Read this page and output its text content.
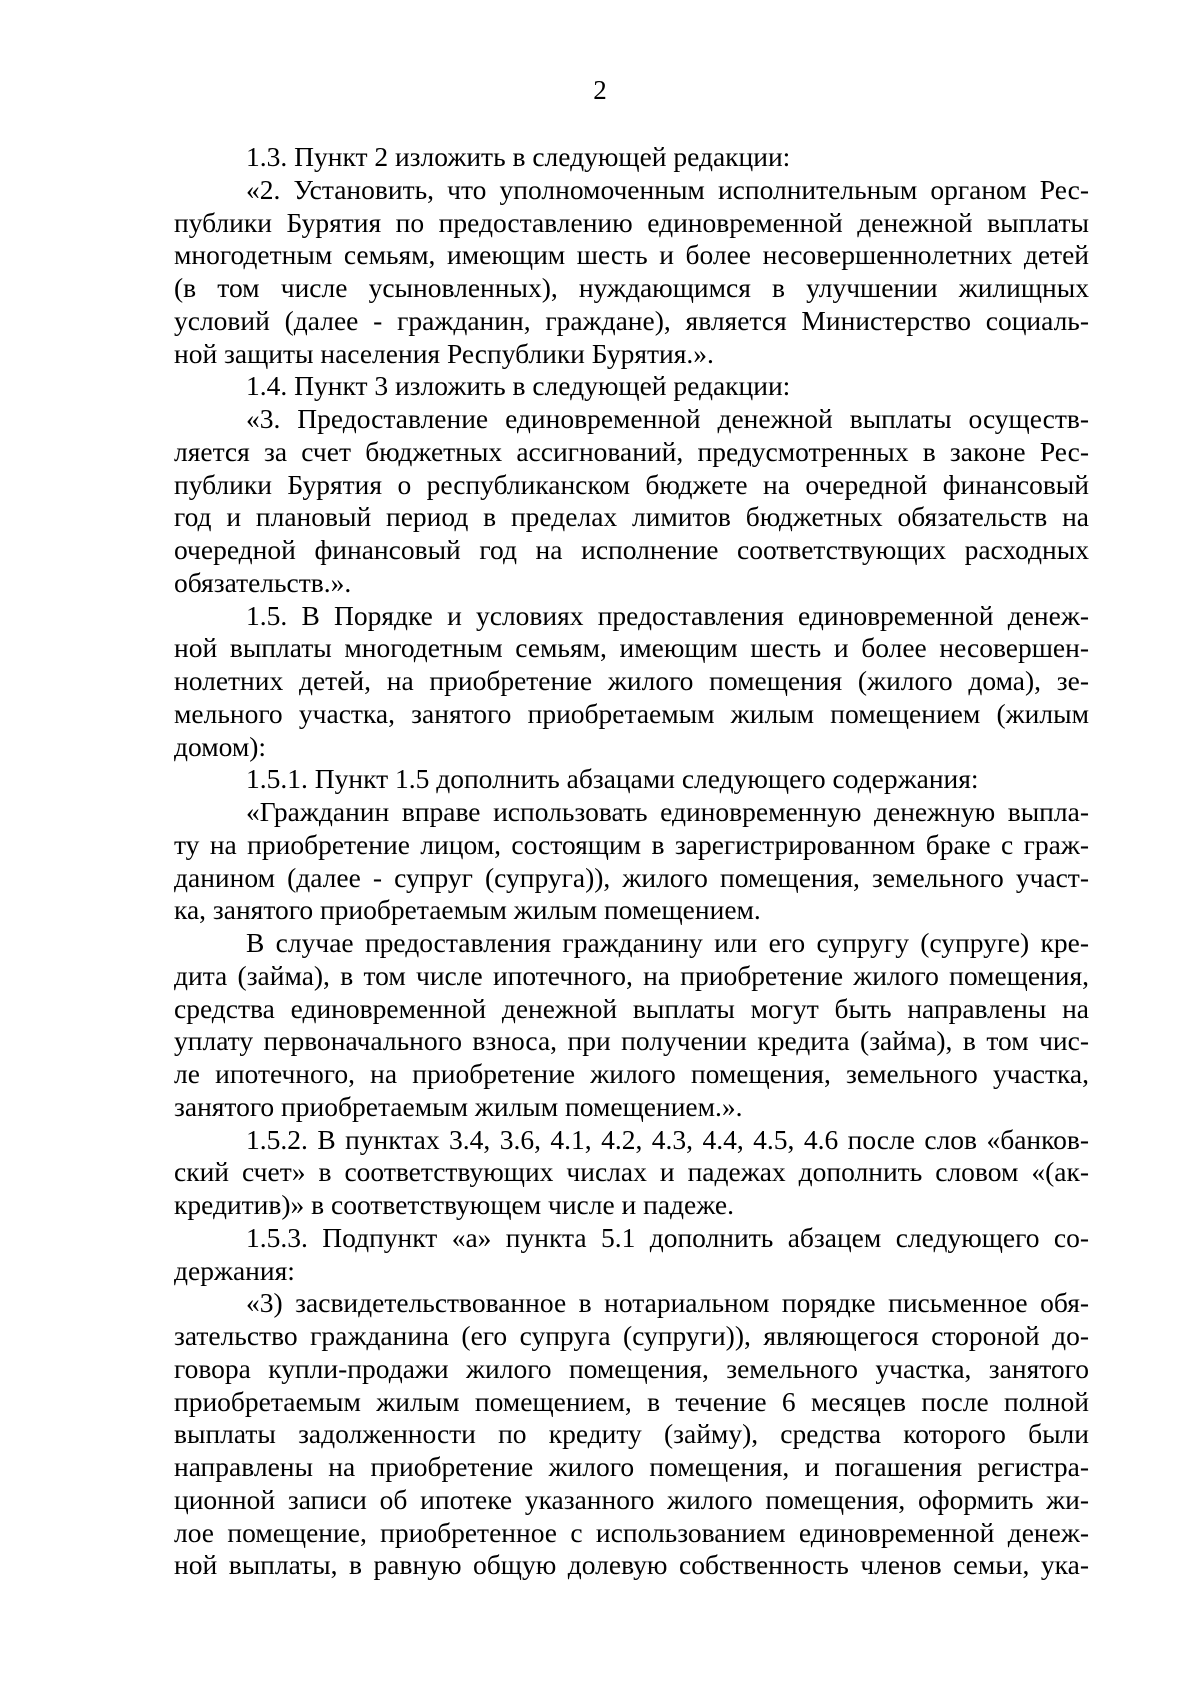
2
1.3. Пункт 2 изложить в следующей редакции:
«2. Установить, что уполномоченным исполнительным органом Рес-
публики Бурятия по предоставлению единовременной денежной выплаты
многодетным семьям, имеющим шесть и более несовершеннолетних детей
(в том числе усыновленных), нуждающимся в улучшении жилищных
условий (далее - гражданин, граждане), является Министерство социаль-
ной защиты населения Республики Бурятия.».
1.4. Пункт 3 изложить в следующей редакции:
«3. Предоставление единовременной денежной выплаты осуществ-
ляется за счет бюджетных ассигнований, предусмотренных в законе Рес-
публики Бурятия о республиканском бюджете на очередной финансовый
год и плановый период в пределах лимитов бюджетных обязательств на
очередной финансовый год на исполнение соответствующих расходных
обязательств.».
1.5. В Порядке и условиях предоставления единовременной денеж-
ной выплаты многодетным семьям, имеющим шесть и более несовершен-
нолетних детей, на приобретение жилого помещения (жилого дома), зе-
мельного участка, занятого приобретаемым жилым помещением (жилым
домом):
1.5.1. Пункт 1.5 дополнить абзацами следующего содержания:
«Гражданин вправе использовать единовременную денежную выпла-
ту на приобретение лицом, состоящим в зарегистрированном браке с граж-
данином (далее - супруг (супруга)), жилого помещения, земельного участ-
ка, занятого приобретаемым жилым помещением.
В случае предоставления гражданину или его супругу (супруге) кре-
дита (займа), в том числе ипотечного, на приобретение жилого помещения,
средства единовременной денежной выплаты могут быть направлены на
уплату первоначального взноса, при получении кредита (займа), в том чис-
ле ипотечного, на приобретение жилого помещения, земельного участка,
занятого приобретаемым жилым помещением.».
1.5.2. В пунктах 3.4, 3.6, 4.1, 4.2, 4.3, 4.4, 4.5, 4.6 после слов «банков-
ский счет» в соответствующих числах и падежах дополнить словом «(ак-
кредитив)» в соответствующем числе и падеже.
1.5.3. Подпункт «а» пункта 5.1 дополнить абзацем следующего со-
держания:
«3) засвидетельствованное в нотариальном порядке письменное обя-
зательство гражданина (его супруга (супруги)), являющегося стороной до-
говора купли-продажи жилого помещения, земельного участка, занятого
приобретаемым жилым помещением, в течение 6 месяцев после полной
выплаты задолженности по кредиту (займу), средства которого были
направлены на приобретение жилого помещения, и погашения регистра-
ционной записи об ипотеке указанного жилого помещения, оформить жи-
лое помещение, приобретенное с использованием единовременной денеж-
ной выплаты, в равную общую долевую собственность членов семьи, ука-
